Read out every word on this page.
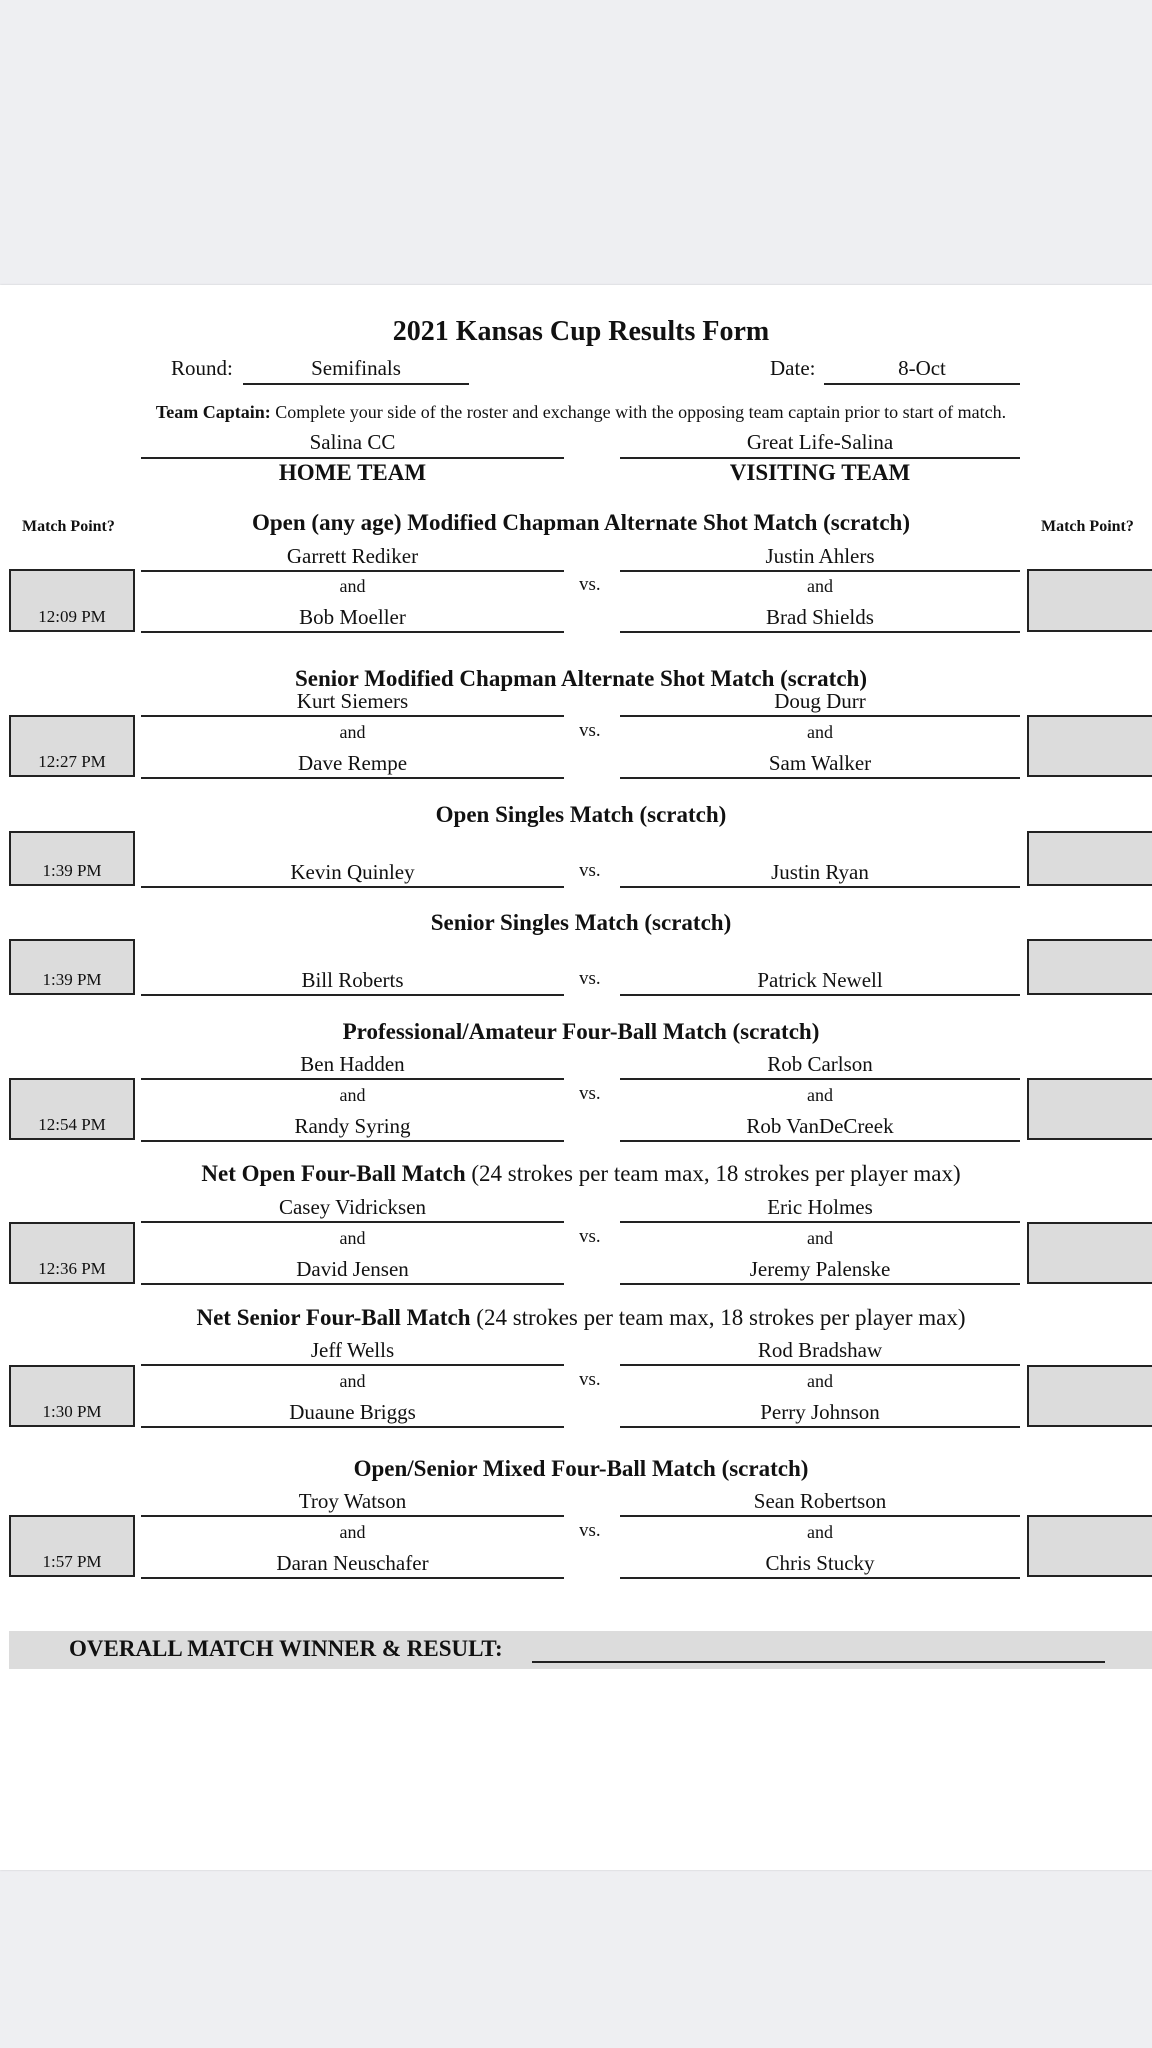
2021 Kansas Cup Results Form
Round:	Semifinals	Date:	8-Oct
Team Captain: Complete your side of the roster and exchange with the opposing team captain prior to start of match.
Salina CC
HOME TEAM
Great Life-Salina
VISITING TEAM
Match Point?	Match Point?
Open (any age) Modified Chapman Alternate Shot Match (scratch)
Garrett Rediker	Justin Ahlers
and	and
Bob Moeller	Brad Shields
vs.
12:09 PM
Senior Modified Chapman Alternate Shot Match (scratch)
Kurt Siemers	Doug Durr
and	and
Dave Rempe	Sam Walker
vs.
12:27 PM
Open Singles Match (scratch)
Kevin Quinley	Justin Ryan
vs.
1:39 PM
Senior Singles Match (scratch)
Bill Roberts	Patrick Newell
vs.
1:39 PM
Professional/Amateur Four-Ball Match (scratch)
Ben Hadden	Rob Carlson
and	and
Randy Syring	Rob VanDeCreek
vs.
12:54 PM
Net Open Four-Ball Match (24 strokes per team max, 18 strokes per player max)
Casey Vidricksen	Eric Holmes
and	and
David Jensen	Jeremy Palenske
vs.
12:36 PM
Net Senior Four-Ball Match (24 strokes per team max, 18 strokes per player max)
Jeff Wells	Rod Bradshaw
and	and
Duaune Briggs	Perry Johnson
vs.
1:30 PM
Open/Senior Mixed Four-Ball Match (scratch)
Troy Watson	Sean Robertson
and	and
Daran Neuschafer	Chris Stucky
vs.
1:57 PM
OVERALL MATCH WINNER & RESULT:
